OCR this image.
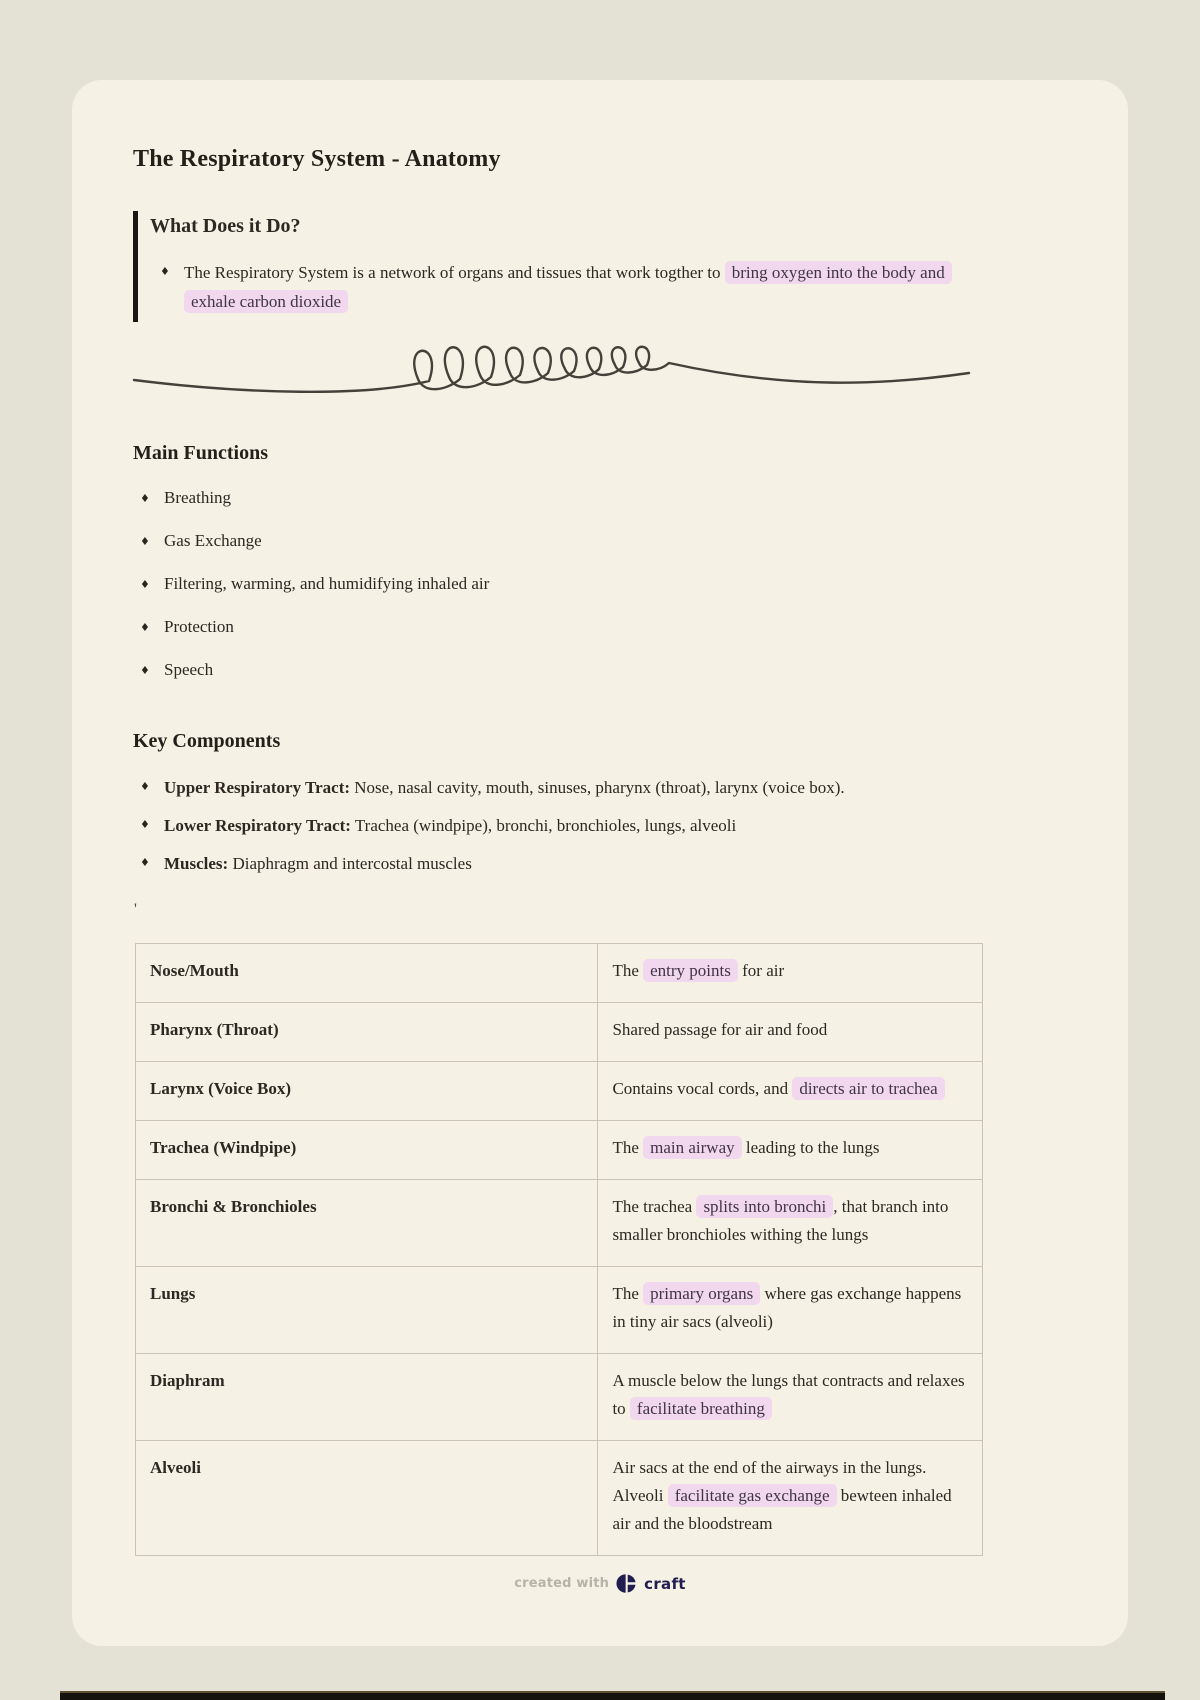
The Respiratory System - Anatomy
What Does it Do?
♦ The Respiratory System is a network of organs and tissues that work togther to bring oxygen into the body and exhale carbon dioxide

Main Functions
♦ Breathing
♦ Gas Exchange
♦ Filtering, warming, and humidifying inhaled air
♦ Protection
♦ Speech
Key Components
♦ Upper Respiratory Tract: Nose, nasal cavity, mouth, sinuses, pharynx (throat), larynx (voice box).
♦ Lower Respiratory Tract: Trachea (windpipe), bronchi, bronchioles, lungs, alveoli
♦ Muscles: Diaphragm and intercostal muscles
'
Nose/Mouth	The entry points for air
Pharynx (Throat)	Shared passage for air and food
Larynx (Voice Box)	Contains vocal cords, and directs air to trachea
Trachea (Windpipe)	The main airway leading to the lungs
Bronchi & Bronchioles	The trachea splits into bronchi , that branch into smaller bronchioles withing the lungs
Lungs	The primary organs where gas exchange happens in tiny air sacs (alveoli)
Diaphram	A muscle below the lungs that contracts and relaxes to facilitate breathing
Alveoli	Air sacs at the end of the airways in the lungs. Alveoli facilitate gas exchange bewteen inhaled air and the bloodstream
created with craft
